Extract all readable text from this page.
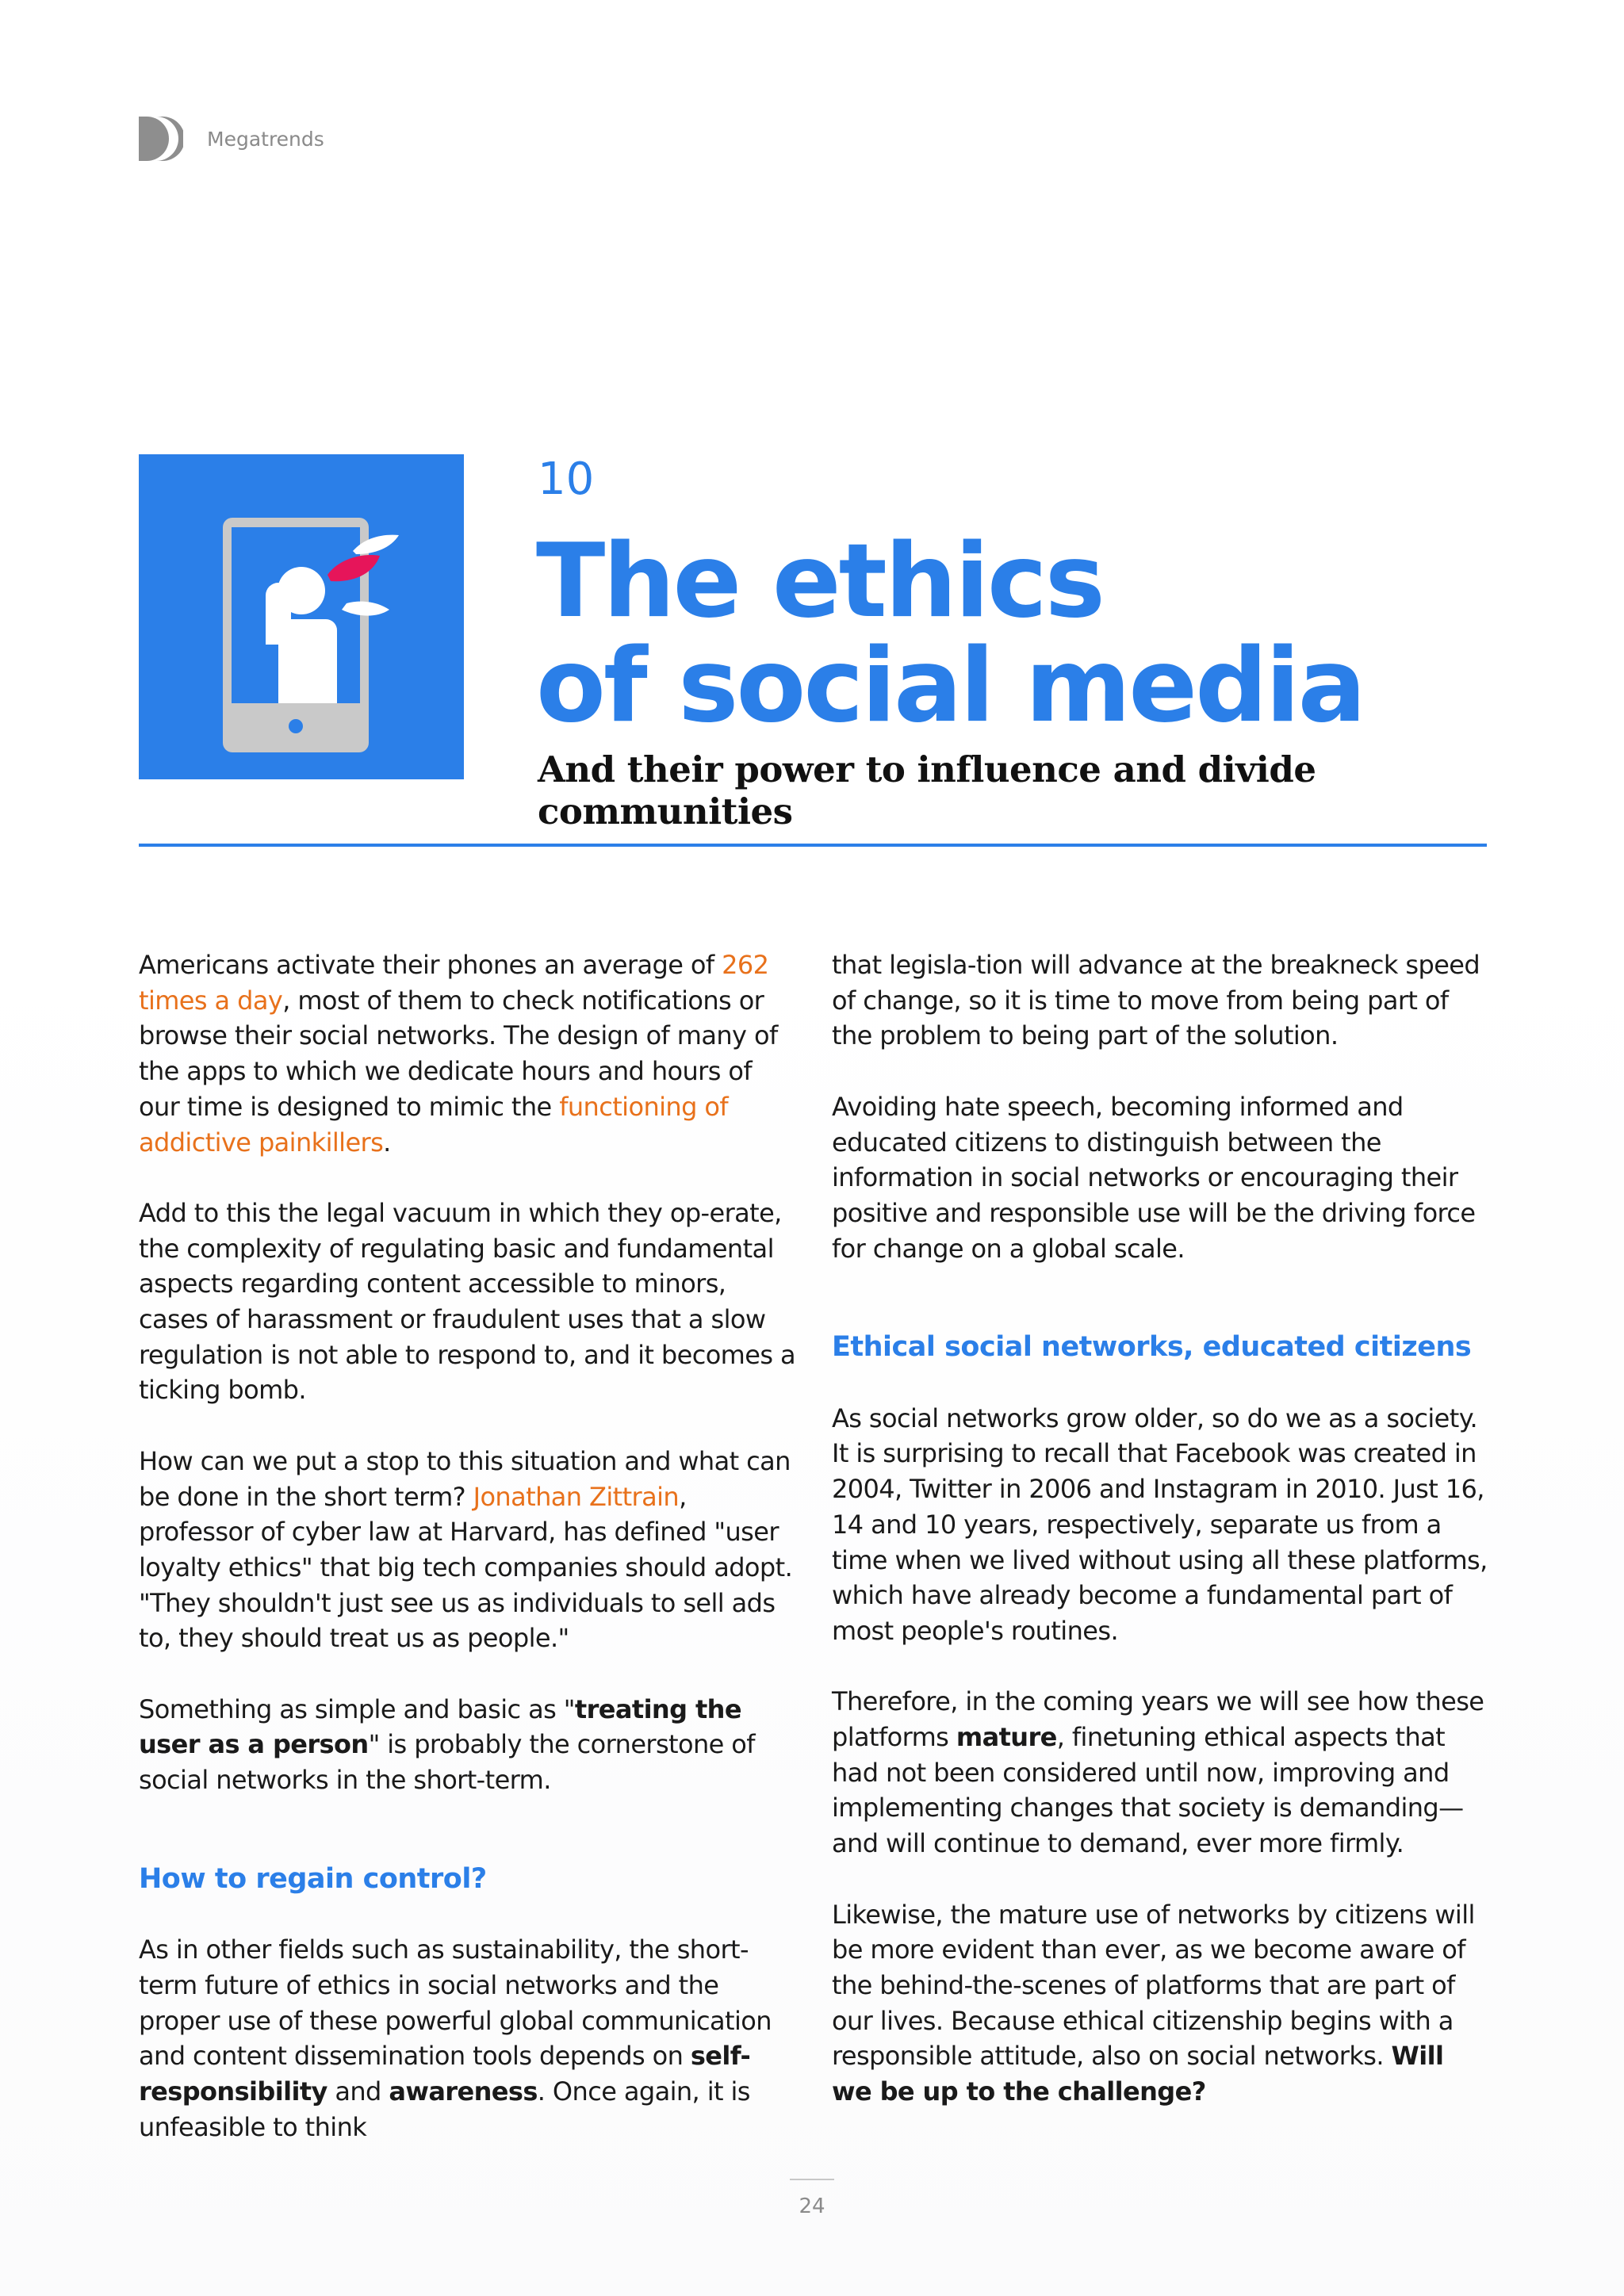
Megatrends
10
The ethics
of social media
And their power to influence and divide communities

Americans activate their phones an average of 262 times a day, most of them to check notifications or browse their social networks. The design of many of the apps to which we dedicate hours and hours of our time is designed to mimic the functioning of addictive painkillers.

Add to this the legal vacuum in which they op-erate, the complexity of regulating basic and fundamental aspects regarding content accessible to minors, cases of harassment or fraudulent uses that a slow regulation is not able to respond to, and it becomes a ticking bomb.

How can we put a stop to this situation and what can be done in the short term? Jonathan Zittrain, professor of cyber law at Harvard, has defined "user loyalty ethics" that big tech companies should adopt. "They shouldn't just see us as individuals to sell ads to, they should treat us as people."

Something as simple and basic as "treating the user as a person" is probably the cornerstone of social networks in the short-term.

How to regain control?

As in other fields such as sustainability, the short-term future of ethics in social networks and the proper use of these powerful global communication and content dissemination tools depends on self-responsibility and awareness. Once again, it is unfeasible to think

that legisla-tion will advance at the breakneck speed of change, so it is time to move from being part of the problem to being part of the solution.

Avoiding hate speech, becoming informed and educated citizens to distinguish between the information in social networks or encouraging their positive and responsible use will be the driving force for change on a global scale.

Ethical social networks, educated citizens

As social networks grow older, so do we as a society. It is surprising to recall that Facebook was created in 2004, Twitter in 2006 and Instagram in 2010. Just 16, 14 and 10 years, respectively, separate us from a time when we lived without using all these platforms, which have already become a fundamental part of most people's routines.

Therefore, in the coming years we will see how these platforms mature, finetuning ethical aspects that had not been considered until now, improving and implementing changes that society is demanding—and will continue to demand, ever more firmly.

Likewise, the mature use of networks by citizens will be more evident than ever, as we become aware of the behind-the-scenes of platforms that are part of our lives. Because ethical citizenship begins with a responsible attitude, also on social networks. Will we be up to the challenge?

24
